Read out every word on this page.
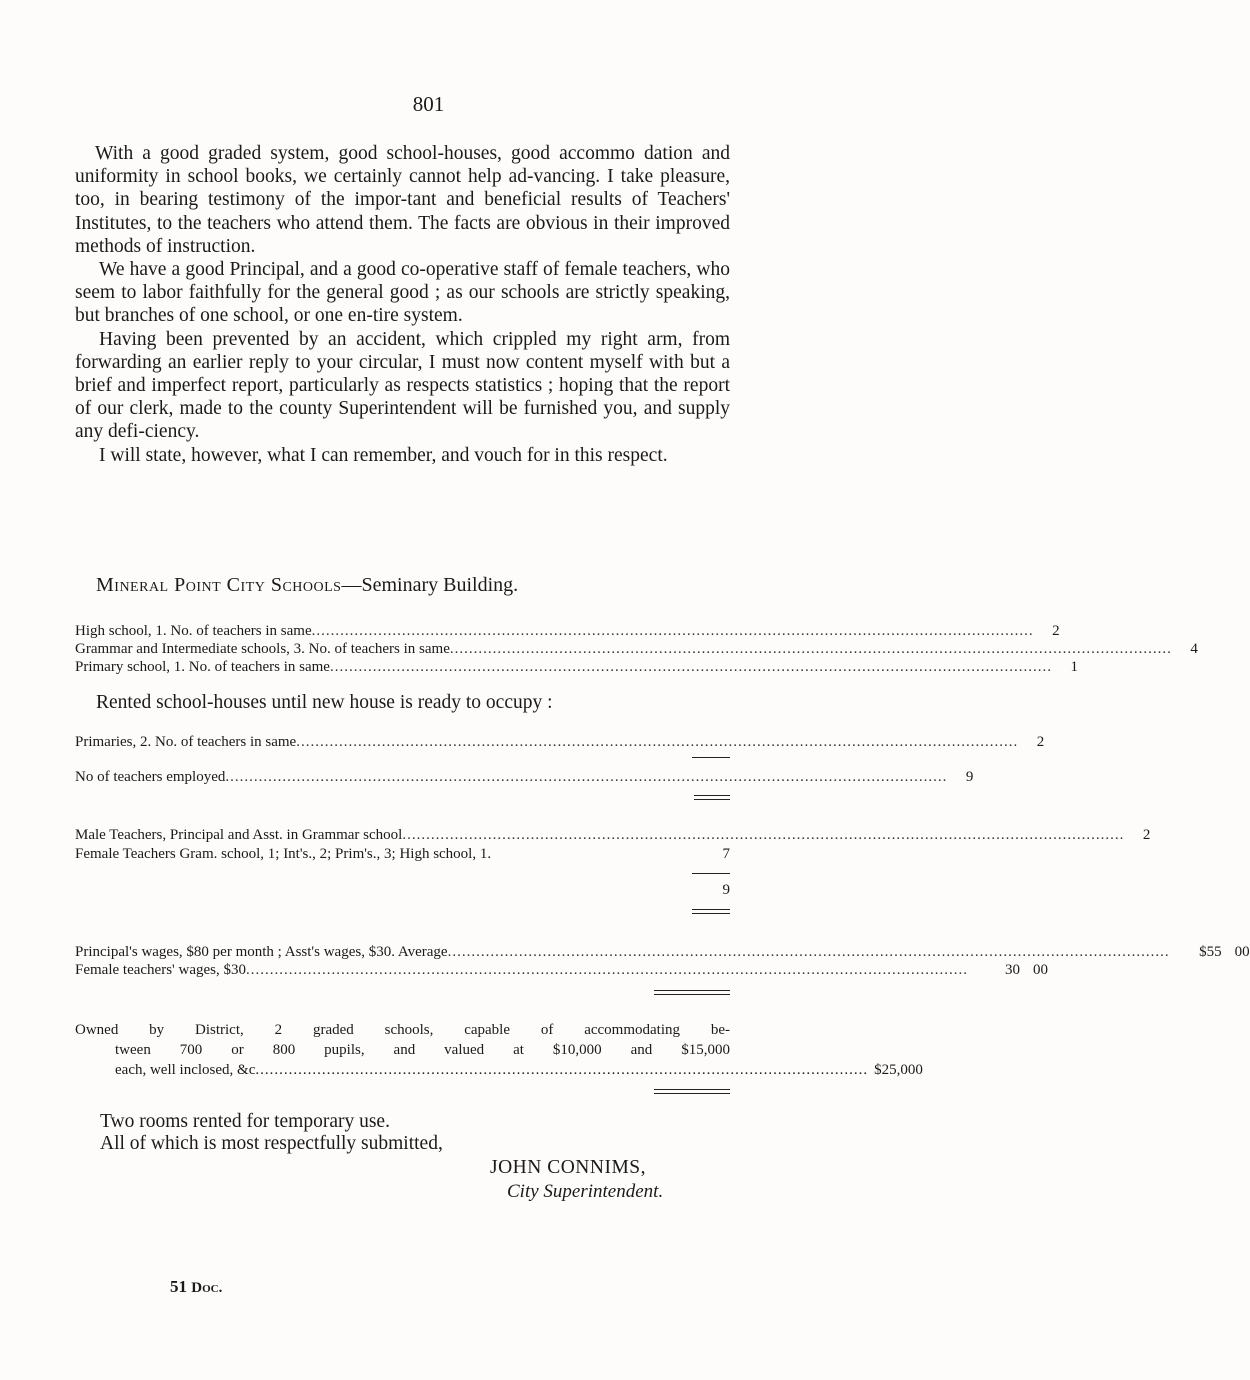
801

With a good graded system, good school-houses, good accommo dation and uniformity in school books, we certainly cannot help ad-vancing. I take pleasure, too, in bearing testimony of the impor-tant and beneficial results of Teachers' Institutes, to the teachers who attend them. The facts are obvious in their improved methods of instruction.

We have a good Principal, and a good co-operative staff of female teachers, who seem to labor faithfully for the general good ; as our schools are strictly speaking, but branches of one school, or one en-tire system.

Having been prevented by an accident, which crippled my right arm, from forwarding an earlier reply to your circular, I must now content myself with but a brief and imperfect report, particularly as respects statistics ; hoping that the report of our clerk, made to the county Superintendent will be furnished you, and supply any defi-ciency.

I will state, however, what I can remember, and vouch for in this respect.

Mineral Point City Schools—Seminary Building.
High school, 1. No. of teachers in same .....	2
Grammar and Intermediate schools, 3. No. of teachers in same .....	4
Primary school, 1. No. of teachers in same .....	1
Rented school-houses until new house is ready to occupy :
Primaries, 2. No. of teachers in same .....	2
No of teachers employed .....	9
Male Teachers, Principal and Asst. in Grammar school .....	2
Female Teachers Gram. school, 1; Int's., 2; Prim's., 3; High school, 1.	7
9
Principal's wages, $80 per month ; Asst's wages, $30. Average .....	$55 00
Female teachers' wages, $30 .....	30 00
Owned by District, 2 graded schools, capable of accommodating be-
tween 700 or 800 pupils, and valued at $10,000 and $15,000
each, well inclosed, &c ................................................................................................................................. $25,000
Two rooms rented for temporary use.
All of which is most respectfully submitted,
JOHN CONNIMS,
City Superintendent.
51 Doc.
